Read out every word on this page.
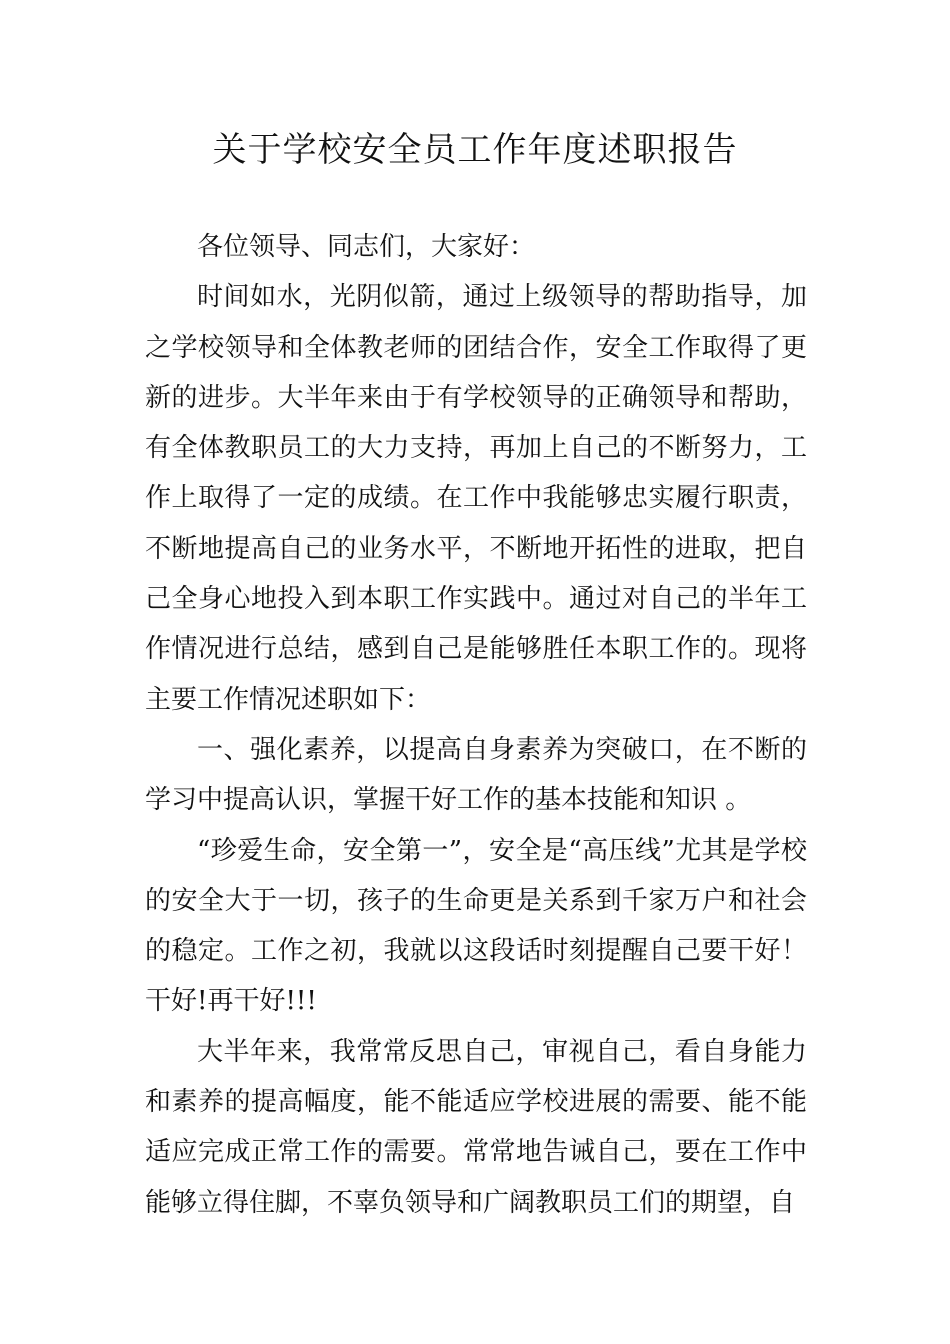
关于学校安全员工作年度述职报告

各位领导、同志们，大家好：

时间如水，光阴似箭，通过上级领导的帮助指导，加之学校领导和全体教老师的团结合作，安全工作取得了更新的进步。大半年来由于有学校领导的正确领导和帮助，有全体教职员工的大力支持，再加上自己的不断努力，工作上取得了一定的成绩。在工作中我能够忠实履行职责，不断地提高自己的业务水平，不断地开拓性的进取，把自己全身心地投入到本职工作实践中。通过对自己的半年工作情况进行总结，感到自己是能够胜任本职工作的。现将主要工作情况述职如下：

一、强化素养，以提高自身素养为突破口，在不断的学习中提高认识，掌握干好工作的基本技能和知识 。

“珍爱生命，安全第一”，安全是“高压线”尤其是学校的安全大于一切，孩子的生命更是关系到千家万户和社会的稳定。工作之初，我就以这段话时刻提醒自己要干好！干好!再干好!!!

大半年来，我常常反思自己，审视自己，看自身能力和素养的提高幅度，能不能适应学校进展的需要、能不能适应完成正常工作的需要。常常地告诫自己，要在工作中能够立得住脚，不辜负领导和广阔教职员工们的期望，自
